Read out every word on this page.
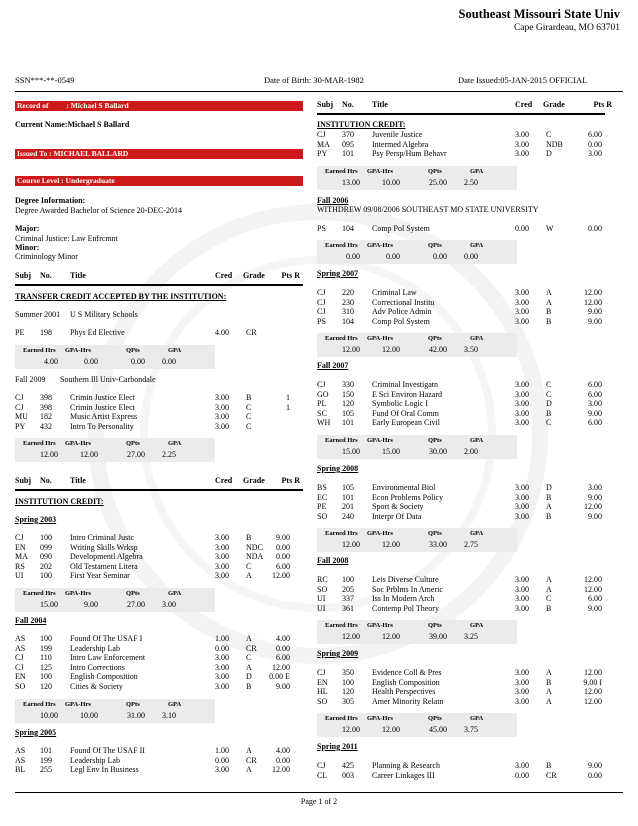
Southeast Missouri State Univ
Cape Girardeau, MO 63701
SSN***-**-0549	Date of Birth: 30-MAR-1982	Date Issued:05-JAN-2015 OFFICIAL
Record of : Michael S Ballard
Current Name:Michael S Ballard
Issued To : MICHAEL BALLARD
Course Level : Undergraduate
Degree Information:
Degree Awarded Bachelor of Science 20-DEC-2014
Major:
Criminal Justice: Law Enfrcmnt
Minor:
Criminology Minor
Subj No. Title	Cred Grade Pts R
TRANSFER CREDIT ACCEPTED BY THE INSTITUTION:
Summer 2001 U S Military Schools
PE 198 Phys Ed Elective	4.00 CR
Earned Hrs GPA-Hrs	QPts	GPA
4.00	0.00	0.00 0.00
Fall 2009 Southern Ill Univ-Carbondale
CJ 398 Crimin Justice Elect	3.00 B	1
CJ 398 Crimin Justice Elect	3.00 C	1
MU 182 Music Artist Express	3.00 C
PY 432 Intro To Personality	3.00 C
Earned Hrs GPA-Hrs	QPts	GPA
12.00	12.00	27.00 2.25
Subj No. Title	Cred Grade Pts R
INSTITUTION CREDIT:
Spring 2003
CJ 100 Intro Criminal Justc	3.00 B	9.00
EN 099 Writing Skills Wrksp	3.00 NDC 0.00
MA 090 Developmentl Algebra	3.00 NDA 0.00
RS 202 Old Testament Litera	3.00 C	6.00
UI 100 First Year Seminar	3.00 A	12.00
Earned Hrs GPA-Hrs	QPts	GPA
15.00	9.00	27.00 3.00
Fall 2004
AS 100 Found Of The USAF I	1.00 A	4.00
AS 199 Leadership Lab	0.00 CR 0.00
CJ 110 Intro Law Enforcement	3.00 C	6.00
CJ 125 Intro Corrections	3.00 A	12.00
EN 100 English Composition	3.00 D 0.00 E
SO 120 Cities & Society	3.00 B	9.00
Earned Hrs GPA-Hrs	QPts	GPA
10.00	10.00	31.00 3.10
Spring 2005
AS 101 Found Of The USAF II	1.00 A	4.00
AS 199 Leadership Lab	0.00 CR 0.00
BL 255 Legl Env In Business	3.00 A	12.00
Subj No. Title	Cred Grade	Pts R
INSTITUTION CREDIT:
CJ 370 Juvenile Justice	3.00 C	6.00
MA 095 Intermed Algebra	3.00 NDB	0.00
PY 101 Psy Persp/Hum Behavr	3.00 D	3.00
Earned Hrs GPA-Hrs	QPts	GPA
13.00	10.00	25.00 2.50
Fall 2006
WITHDREW 09/08/2006 SOUTHEAST MO STATE UNIVERSITY
PS 104 Comp Pol System	0.00 W	0.00
Earned Hrs GPA-Hrs	QPts	GPA
0.00	0.00	0.00 0.00
Spring 2007
CJ 220 Criminal Law	3.00 A	12.00
CJ 230 Correctional Institu	3.00 A	12.00
CJ 310 Adv Police Admin	3.00 B	9.00
PS 104 Comp Pol System	3.00 B	9.00
Earned Hrs GPA-Hrs	QPts	GPA
12.00	12.00	42.00 3.50
Fall 2007
CJ 330 Criminal Investigatn	3.00 C	6.00
GO 150 E Sci Environ Hazard	3.00 C	6.00
PL 120 Symbolic Logic I	3.00 D	3.00
SC 105 Fund Of Oral Comm	3.00 B	9.00
WH 101 Early European Civil	3.00 C	6.00
Earned Hrs GPA-Hrs	QPts	GPA
15.00	15.00	30.00 2.00
Spring 2008
BS 105 Environmental Biol	3.00 D	3.00
EC 101 Econ Problems Policy	3.00 B	9.00
PE 201 Sport & Society	3.00 A	12.00
SO 240 Interpr Of Data	3.00 B	9.00
Earned Hrs GPA-Hrs	QPts	GPA
12.00	12.00	33.00 2.75
Fall 2008
RC 100 Leis Diverse Culture	3.00 A	12.00
SO 205 Soc Prblms In Americ	3.00 A	12.00
UI 337 Iss In Modern Arch	3.00 C	6.00
UI 361 Contemp Pol Theory	3.00 B	9.00
Earned Hrs GPA-Hrs	QPts	GPA
12.00	12.00	39.00 3.25
Spring 2009
CJ 350 Evidence Coll & Pres	3.00 A	12.00
EN 100 English Composition	3.00 B	9.00 I
HL 120 Health Perspectives	3.00 A	12.00
SO 305 Amer Minority Relatn	3.00 A	12.00
Earned Hrs GPA-Hrs	QPts	GPA
12.00	12.00	45.00 3.75
Spring 2011
CJ 425 Planning & Research	3.00 B	9.00
CL 003 Career Linkages III	0.00 CR	0.00
Page 1 of 2
